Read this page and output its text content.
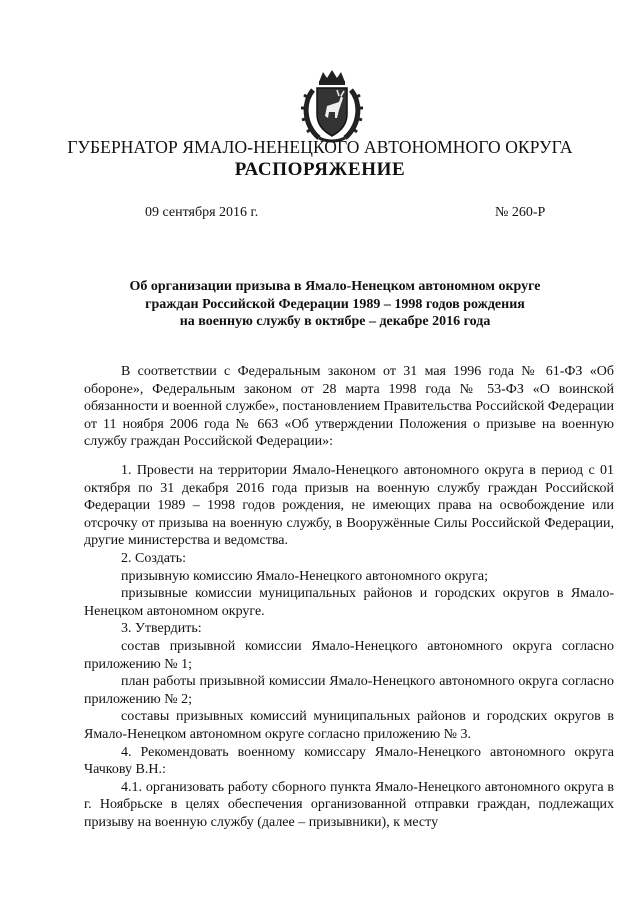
ГУБЕРНАТОР ЯМАЛО-НЕНЕЦКОГО АВТОНОМНОГО ОКРУГА
РАСПОРЯЖЕНИЕ
09 сентября 2016 г.	№ 260-Р
Об организации призыва в Ямало-Ненецком автономном округе
граждан Российской Федерации 1989 – 1998 годов рождения
на военную службу в октябре – декабре 2016 года

В соответствии с Федеральным законом от 31 мая 1996 года № 61-ФЗ «Об обороне», Федеральным законом от 28 марта 1998 года № 53-ФЗ «О воинской обязанности и военной службе», постановлением Правительства Российской Федерации от 11 ноября 2006 года № 663 «Об утверждении Положения о призыве на военную службу граждан Российской Федерации»:

1. Провести на территории Ямало-Ненецкого автономного округа в период с 01 октября по 31 декабря 2016 года призыв на военную службу граждан Российской Федерации 1989 – 1998 годов рождения, не имеющих права на освобождение или отсрочку от призыва на военную службу, в Вооружённые Силы Российской Федерации, другие министерства и ведомства.

2. Создать:

призывную комиссию Ямало-Ненецкого автономного округа;

призывные комиссии муниципальных районов и городских округов в Ямало-Ненецком автономном округе.

3. Утвердить:

состав призывной комиссии Ямало-Ненецкого автономного округа согласно приложению № 1;

план работы призывной комиссии Ямало-Ненецкого автономного округа согласно приложению № 2;

составы призывных комиссий муниципальных районов и городских округов в Ямало-Ненецком автономном округе согласно приложению № 3.

4. Рекомендовать военному комиссару Ямало-Ненецкого автономного округа Чачкову В.Н.:

4.1. организовать работу сборного пункта Ямало-Ненецкого автономного округа в г. Ноябрьске в целях обеспечения организованной отправки граждан, подлежащих призыву на военную службу (далее – призывники), к месту
